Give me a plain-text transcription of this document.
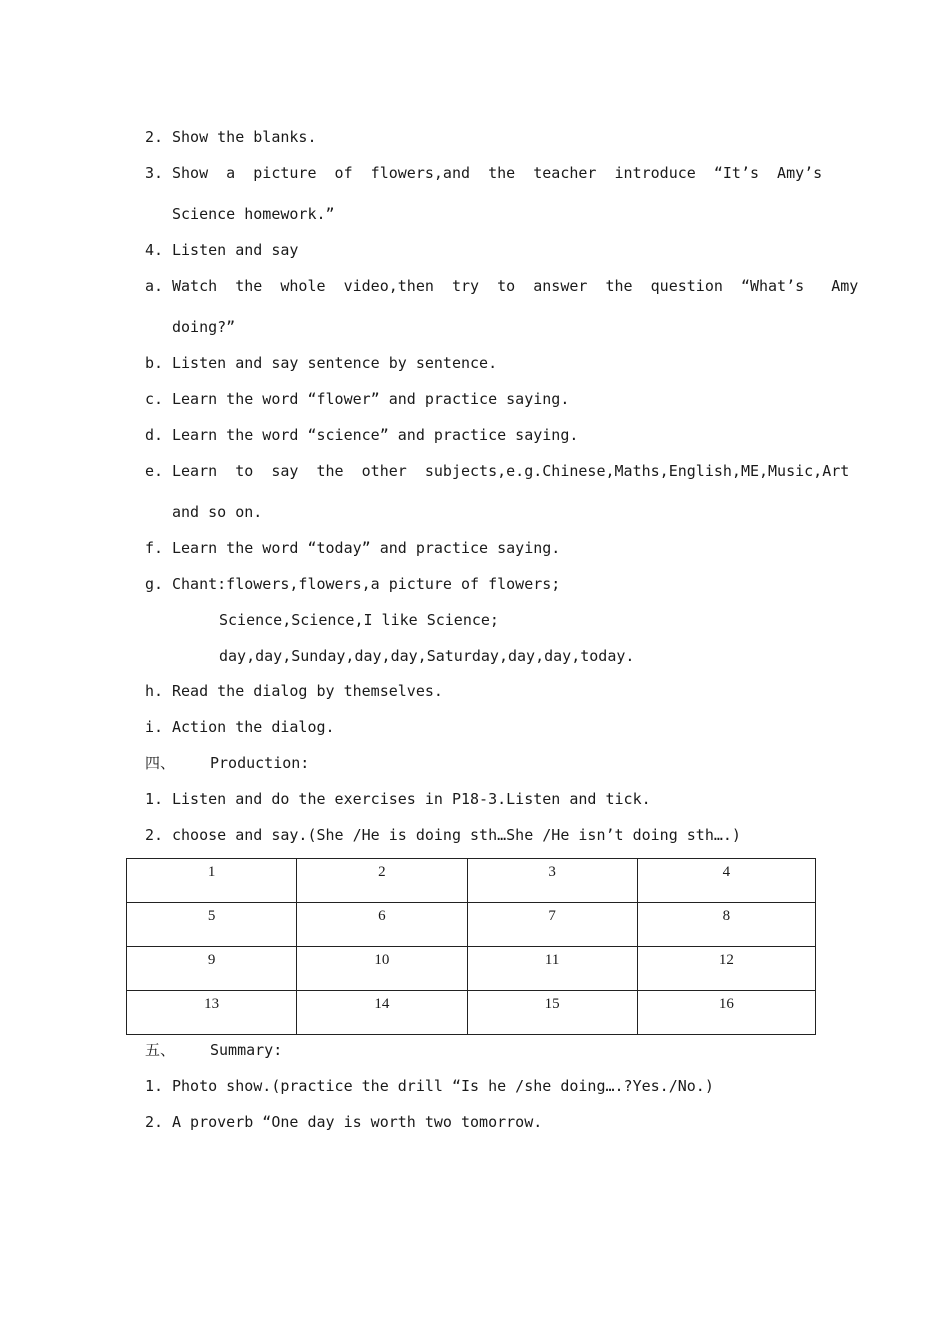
2. Show the blanks.
3. Show  a  picture  of  flowers,and  the  teacher  introduce  “It’s  Amy’s
Science homework.”
4. Listen and say
a. Watch  the  whole  video,then  try  to  answer  the  question  “What’s   Amy
doing?”
b. Listen and say sentence by sentence.
c. Learn the word “flower” and practice saying.
d. Learn the word “science” and practice saying.
e. Learn  to  say  the  other  subjects,e.g.Chinese,Maths,English,ME,Music,Art
and so on.
f. Learn the word “today” and practice saying.
g. Chant:flowers,flowers,a picture of flowers;
Science,Science,I like Science;
day,day,Sunday,day,day,Saturday,day,day,today.
h. Read the dialog by themselves.
i. Action the dialog.
四、 Production:
1. Listen and do the exercises in P18-3.Listen and tick.
2. choose and say.(She /He is doing sth…She /He isn’t doing sth….)
1	2	3	4
5	6	7	8
9	10	11	12
13	14	15	16
五、 Summary:
1. Photo show.(practice the drill “Is he /she doing….?Yes./No.)
2. A proverb “One day is worth two tomorrow.
